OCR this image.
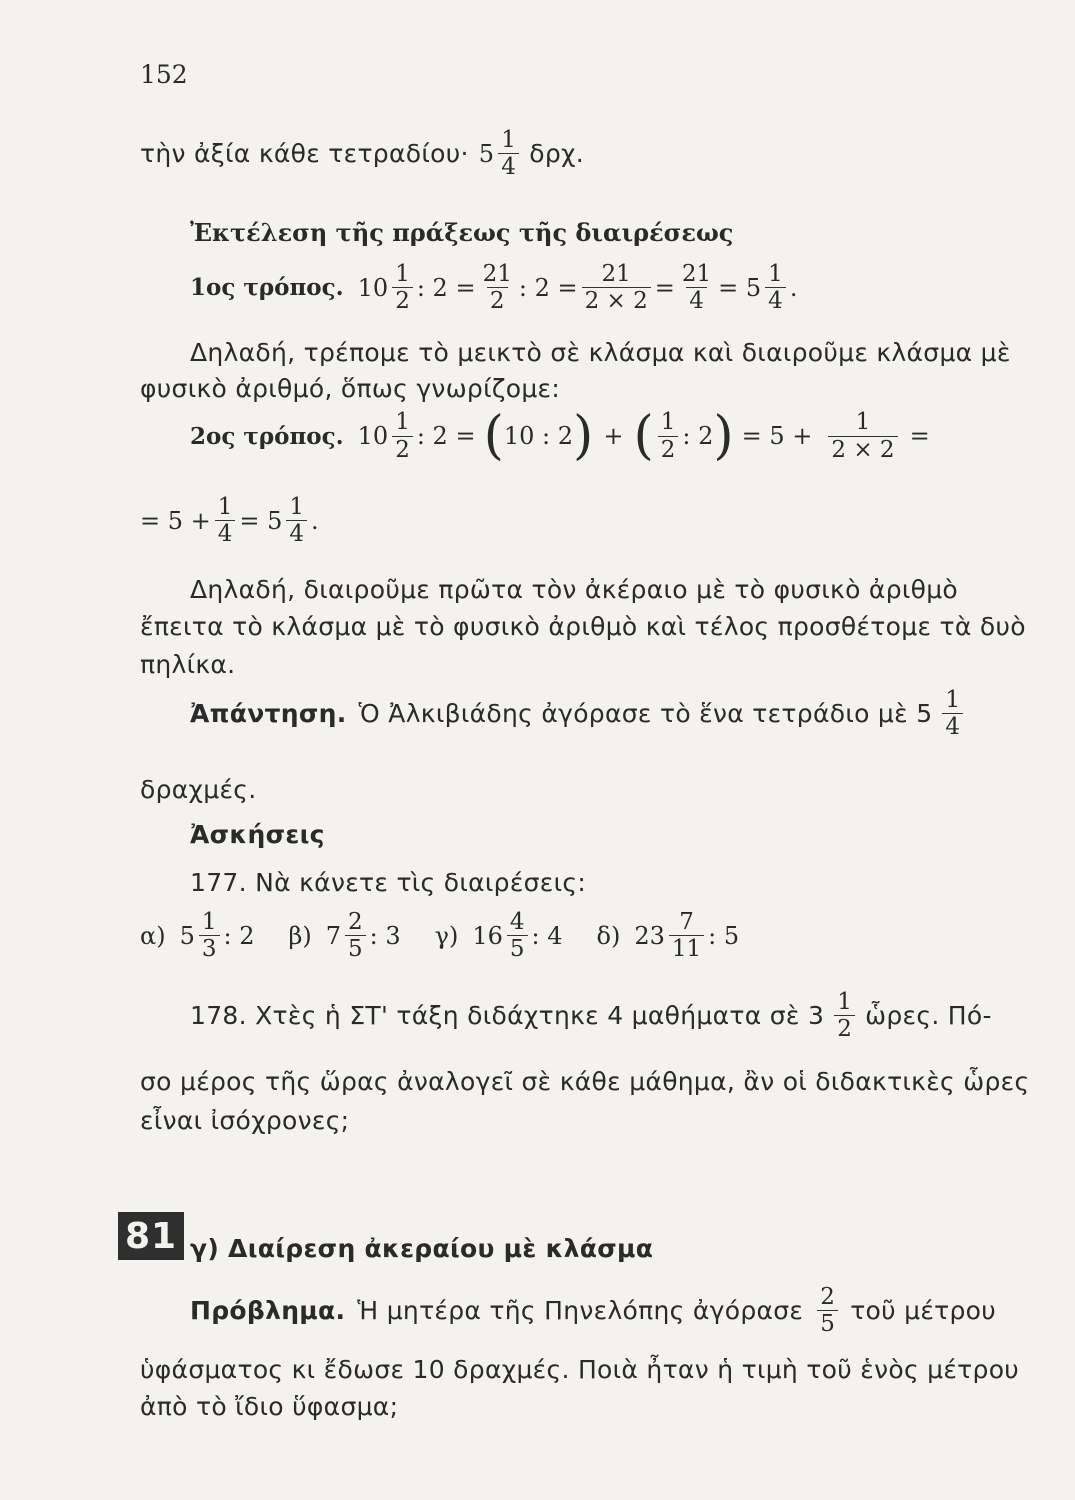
152
τὴν ἀξία κάθε $\tau\varepsilon\tau\rho\alpha\delta ίo\upsilon\cdot 5 \frac{1}{4} \delta\rho\chi$.
Ἐκτέλεση τῆς πράξεως τῆς διαιρέσεως
1ος τρόπος. $10 \frac{1}{2}$ : $2 = \frac{21}{2}$ : $2 = \frac{21}{2 \times 2} = \frac{21}{4} = 5 \frac{1}{4}$ .
Δηλαδή, τρέπομε τὸ μεικτὸ σὲ κλάσμα καὶ διαιροῦμε κλάσμα μὲ
φυσικὸ ἀριθμό, ὅπως γνωρίζομε:
2ος τρόπος. $10 \frac{1}{2}$ : 2 = ( 10 : 2 ) + ( $\frac{1}{2}$ : 2 ) = $5 + \frac{1}{2 \times 2}$ =
= $5 + \frac{1}{4} = 5 \frac{1}{4}$ .
Δηλαδή, διαιροῦμε πρῶτα τὸν ἀκέραιο μὲ τὸ φυσικὸ ἀριθμὸ
ἔπειτα τὸ κλάσμα μὲ τὸ φυσικὸ ἀριθμὸ καὶ τέλος προσθέτομε τὰ δυὸ
πηλίκα.
Ἀπάντηση. Ὁ Ἀλκιβιάδης ἀγόρασε τὸ ἕνα τετράδιο μὲ $5 \frac{1}{4}$
δραχμές.
Ἀσκήσεις
177. Νὰ κάνετε τὶς διαιρέσεις:
α) $5 \frac{1}{3}$ : 2 β) $7 \frac{2}{5}$ : 3 γ) $16 \frac{4}{5}$ : 4 δ) $23 \frac{7}{11}$ : 5
178. Χτὲς ἡ ΣΤ' τάξη διδάχτηκε 4 μαθήματα σὲ $3 \frac{1}{2}$ ὧρες. Πό-
σο μέρος τῆς ὥρας ἀναλογεῖ σὲ κάθε μάθημα, ἂν οἱ διδακτικὲς ὧρες
εἶναι ἰσόχρονες;
81 γ) Διαίρεση ἀκεραίου μὲ κλάσμα
Πρόβλημα. Ἡ μητέρα τῆς Πηνελόπης ἀγόρασε $\frac{2}{5}$ τοῦ μέτρου
ὑφάσματος κι ἔδωσε 10 δραχμές. Ποιὰ ἦταν ἡ τιμὴ τοῦ ἑνὸς μέτρου
ἀπὸ τὸ ἴδιο ὕφασμα;
